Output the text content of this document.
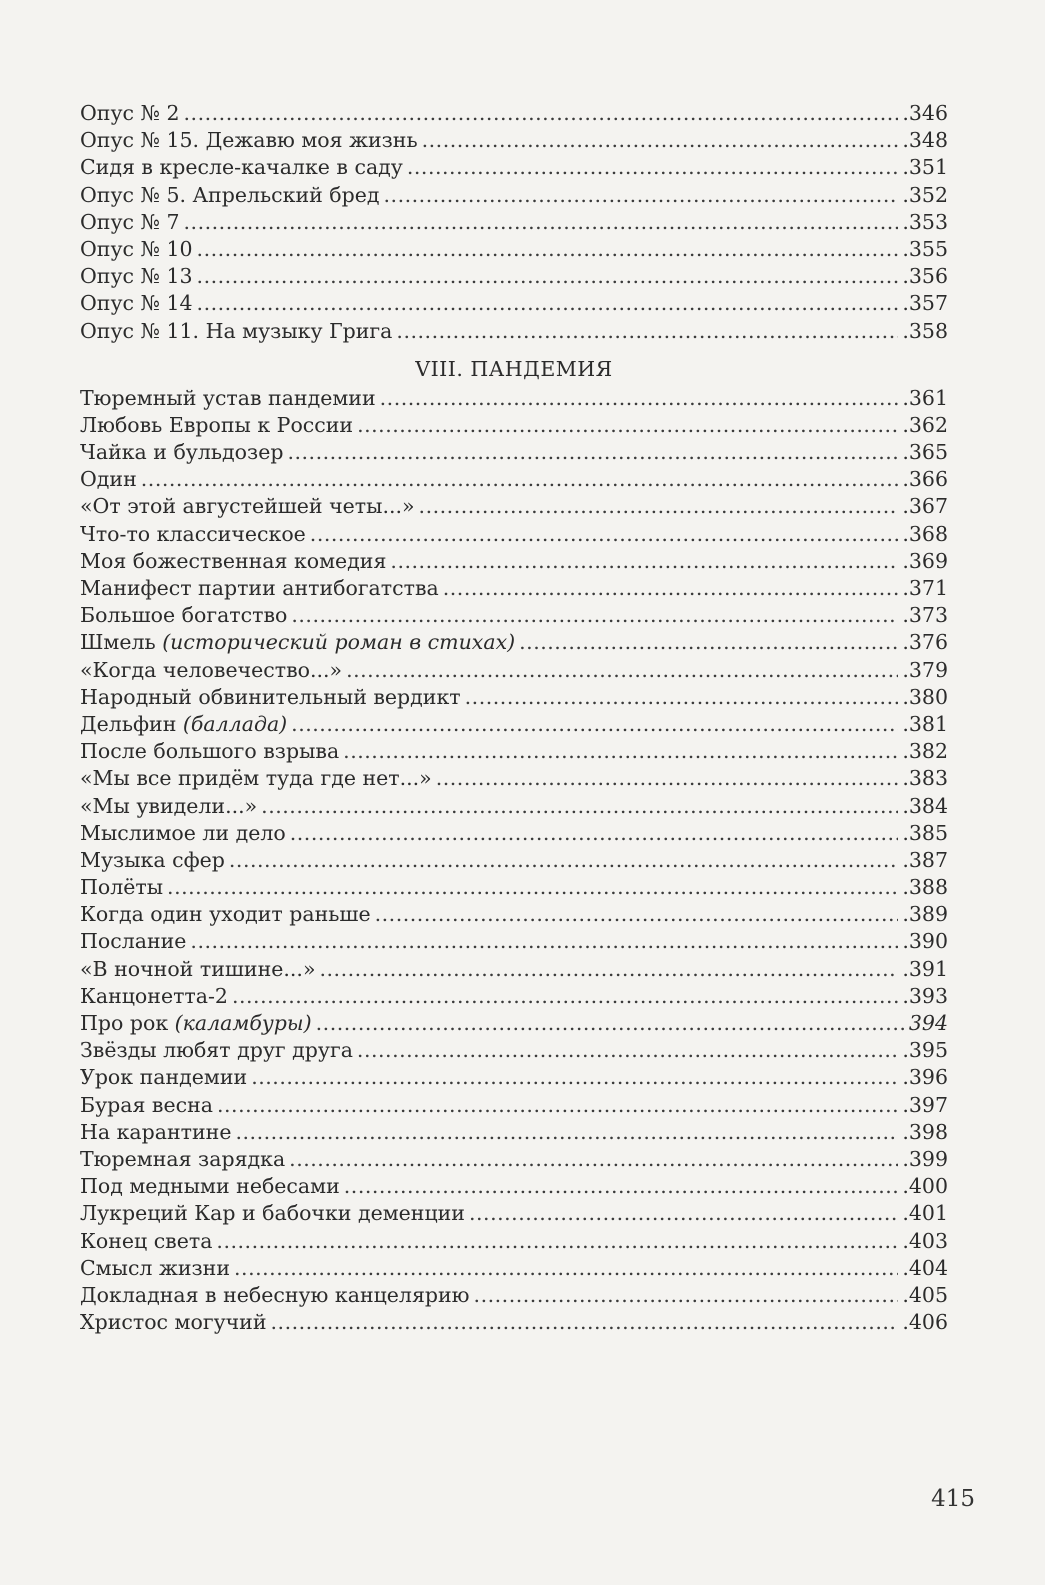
Опус № 2 . . .	.346
Опус № 15. Дежавю моя жизнь . . .	.348
Сидя в кресле-качалке в саду . . .	.351
Опус № 5. Апрельский бред . . .	.352
Опус № 7 . . .	.353
Опус № 10 . . .	.355
Опус № 13 . . .	.356
Опус № 14 . . .	.357
Опус № 11. На музыку Грига . . .	.358
VIII. ПАНДЕМИЯ
Тюремный устав пандемии . . .	.361
Любовь Европы к России . . .	.362
Чайка и бульдозер . . .	.365
Один . . .	.366
«От этой августейшей четы...» . . .	.367
Что-то классическое . . .	.368
Моя божественная комедия . . .	.369
Манифест партии антибогатства . . .	.371
Большое богатство . . .	.373
Шмель (исторический роман в стихах) . . .	.376
«Когда человечество...» . . .	.379
Народный обвинительный вердикт . . .	.380
Дельфин (баллада) . . .	.381
После большого взрыва . . .	.382
«Мы все придём туда где нет...» . . .	.383
«Мы увидели...» . . .	.384
Мыслимое ли дело . . .	.385
Музыка сфер . . .	.387
Полёты . . .	.388
Когда один уходит раньше . . .	.389
Послание . . .	.390
«В ночной тишине...» . . .	.391
Канцонетта-2 . . .	.393
Про рок (каламбуры) . . .	394
Звёзды любят друг друга . . .	.395
Урок пандемии . . .	.396
Бурая весна . . .	.397
На карантине . . .	.398
Тюремная зарядка . . .	.399
Под медными небесами . . .	.400
Лукреций Кар и бабочки деменции . . .	.401
Конец света . . .	.403
Смысл жизни . . .	.404
Докладная в небесную канцелярию . . .	.405
Христос могучий . . .	.406
415
